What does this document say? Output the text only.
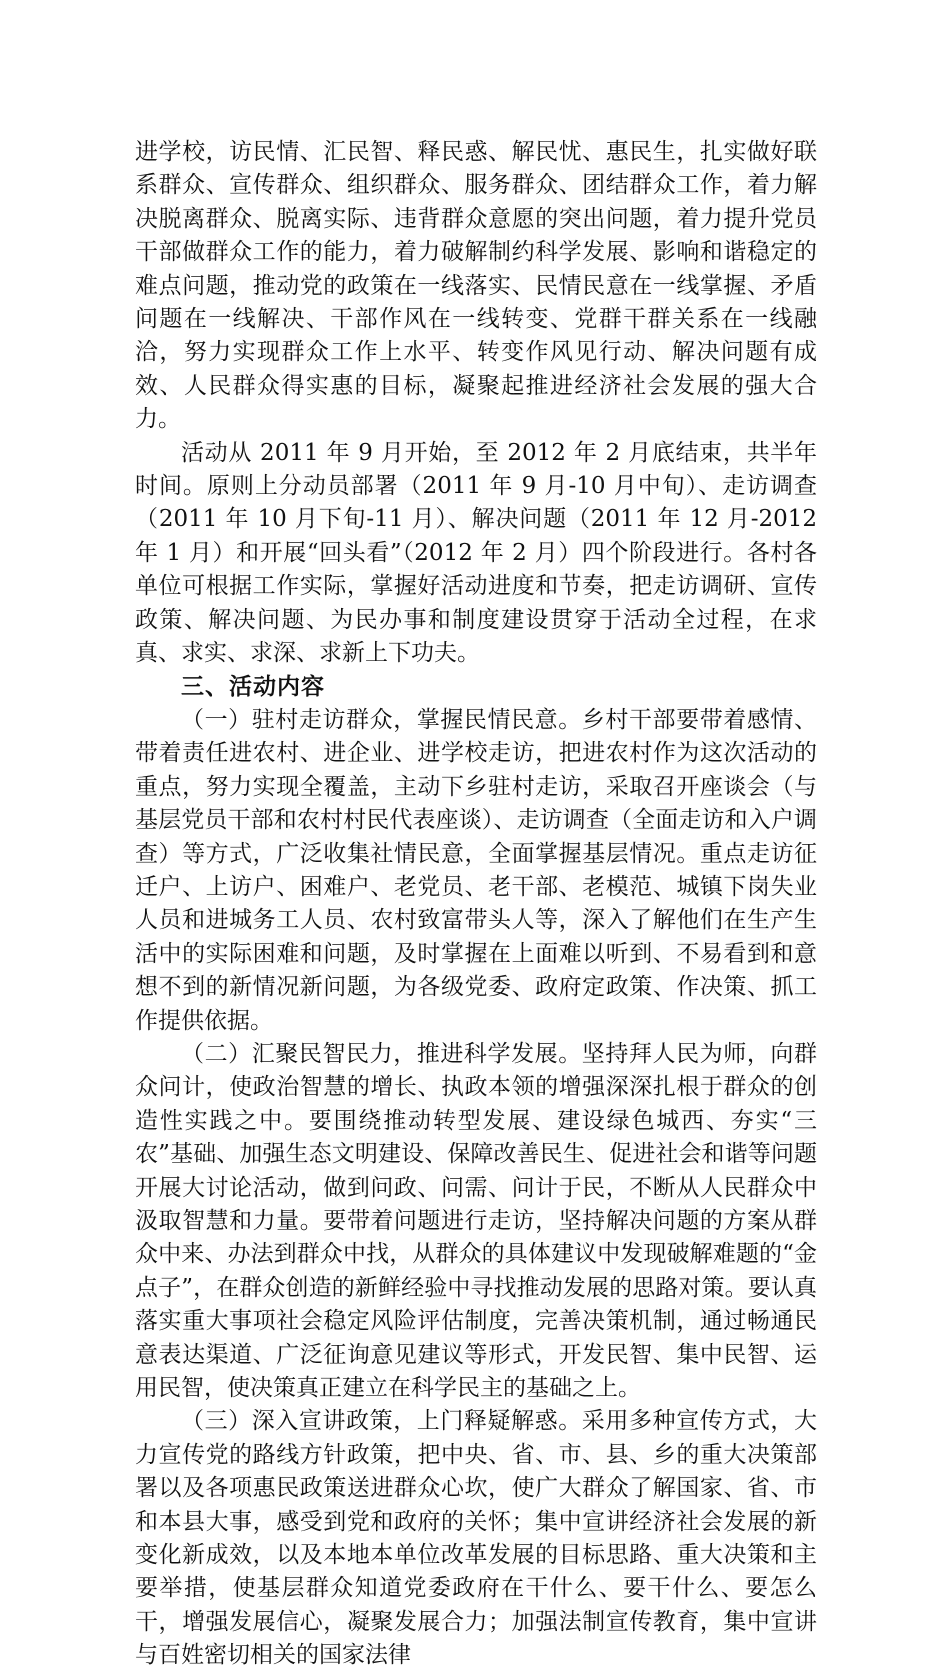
进学校，访民情、汇民智、释民惑、解民忧、惠民生，扎实做好联系群众、宣传群众、组织群众、服务群众、团结群众工作，着力解决脱离群众、脱离实际、违背群众意愿的突出问题，着力提升党员干部做群众工作的能力，着力破解制约科学发展、影响和谐稳定的难点问题，推动党的政策在一线落实、民情民意在一线掌握、矛盾问题在一线解决、干部作风在一线转变、党群干群关系在一线融洽，努力实现群众工作上水平、转变作风见行动、解决问题有成效、人民群众得实惠的目标，凝聚起推进经济社会发展的强大合力。

活动从 2011 年 9 月开始，至 2012 年 2 月底结束，共半年时间。原则上分动员部署（2011 年 9 月-10 月中旬）、走访调查（2011 年 10 月下旬-11 月）、解决问题（2011 年 12 月-2012 年 1 月）和开展“回头看”（2012 年 2 月）四个阶段进行。各村各单位可根据工作实际，掌握好活动进度和节奏，把走访调研、宣传政策、解决问题、为民办事和制度建设贯穿于活动全过程，在求真、求实、求深、求新上下功夫。

三、活动内容

（一）驻村走访群众，掌握民情民意。乡村干部要带着感情、带着责任进农村、进企业、进学校走访，把进农村作为这次活动的重点，努力实现全覆盖，主动下乡驻村走访，采取召开座谈会（与基层党员干部和农村村民代表座谈）、走访调查（全面走访和入户调查）等方式，广泛收集社情民意，全面掌握基层情况。重点走访征迁户、上访户、困难户、老党员、老干部、老模范、城镇下岗失业人员和进城务工人员、农村致富带头人等，深入了解他们在生产生活中的实际困难和问题，及时掌握在上面难以听到、不易看到和意想不到的新情况新问题，为各级党委、政府定政策、作决策、抓工作提供依据。

（二）汇聚民智民力，推进科学发展。坚持拜人民为师，向群众问计，使政治智慧的增长、执政本领的增强深深扎根于群众的创造性实践之中。要围绕推动转型发展、建设绿色城西、夯实“三农”基础、加强生态文明建设、保障改善民生、促进社会和谐等问题开展大讨论活动，做到问政、问需、问计于民，不断从人民群众中汲取智慧和力量。要带着问题进行走访，坚持解决问题的方案从群众中来、办法到群众中找，从群众的具体建议中发现破解难题的“金点子”，在群众创造的新鲜经验中寻找推动发展的思路对策。要认真落实重大事项社会稳定风险评估制度，完善决策机制，通过畅通民意表达渠道、广泛征询意见建议等形式，开发民智、集中民智、运用民智，使决策真正建立在科学民主的基础之上。

（三）深入宣讲政策，上门释疑解惑。采用多种宣传方式，大力宣传党的路线方针政策，把中央、省、市、县、乡的重大决策部署以及各项惠民政策送进群众心坎，使广大群众了解国家、省、市和本县大事，感受到党和政府的关怀；集中宣讲经济社会发展的新变化新成效，以及本地本单位改革发展的目标思路、重大决策和主要举措，使基层群众知道党委政府在干什么、要干什么、要怎么干，增强发展信心，凝聚发展合力；加强法制宣传教育，集中宣讲与百姓密切相关的国家法律
